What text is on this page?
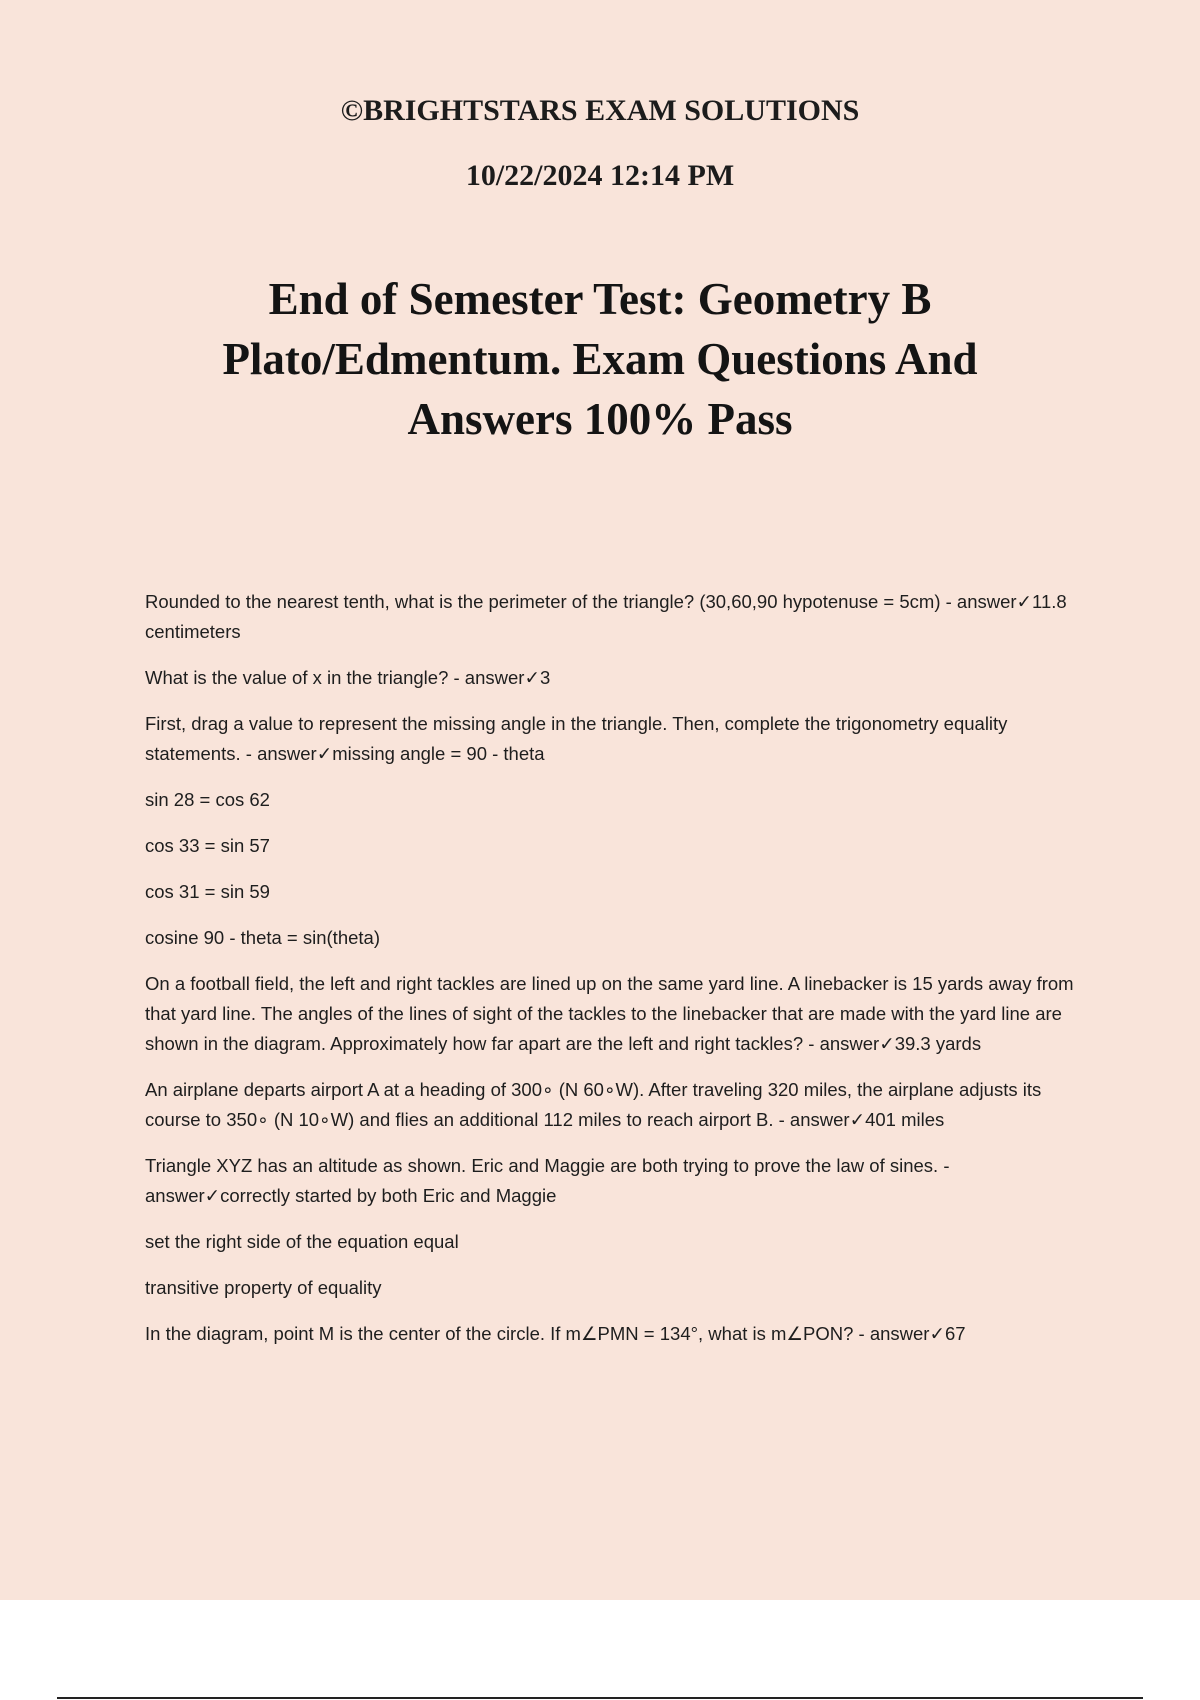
©BRIGHTSTARS EXAM SOLUTIONS
10/22/2024 12:14 PM
End of Semester Test: Geometry B
Plato/Edmentum. Exam Questions And
Answers 100% Pass

Rounded to the nearest tenth, what is the perimeter of the triangle? (30,60,90 hypotenuse = 5cm) - answer✓11.8 centimeters

What is the value of x in the triangle? - answer✓3

First, drag a value to represent the missing angle in the triangle. Then, complete the trigonometry equality statements. - answer✓missing angle = 90 - theta

sin 28 = cos 62

cos 33 = sin 57

cos 31 = sin 59

cosine 90 - theta = sin(theta)

On a football field, the left and right tackles are lined up on the same yard line. A linebacker is 15 yards away from that yard line. The angles of the lines of sight of the tackles to the linebacker that are made with the yard line are shown in the diagram. Approximately how far apart are the left and right tackles? - answer✓39.3 yards

An airplane departs airport A at a heading of 300∘ (N 60∘W). After traveling 320 miles, the airplane adjusts its course to 350∘ (N 10∘W) and flies an additional 112 miles to reach airport B. - answer✓401 miles

Triangle XYZ has an altitude as shown. Eric and Maggie are both trying to prove the law of sines. - answer✓correctly started by both Eric and Maggie

set the right side of the equation equal

transitive property of equality

In the diagram, point M is the center of the circle. If m∠PMN = 134°, what is m∠PON? - answer✓67
